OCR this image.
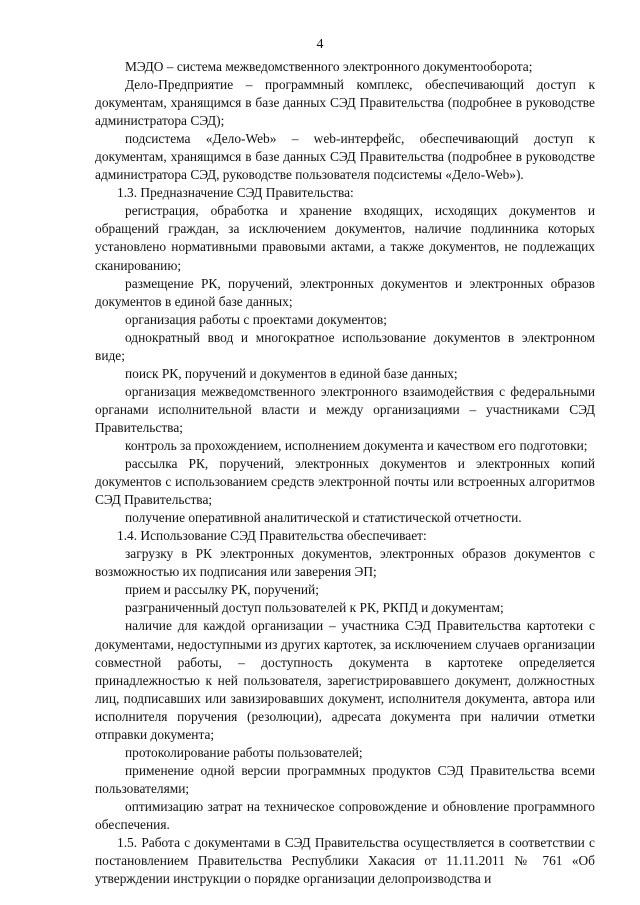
4

МЭДО – система межведомственного электронного документооборота;

Дело-Предприятие – программный комплекс, обеспечивающий доступ к документам, хранящимся в базе данных СЭД Правительства (подробнее в руководстве администратора СЭД);

подсистема «Дело-Web» – web-интерфейс, обеспечивающий доступ к документам, хранящимся в базе данных СЭД Правительства (подробнее в руководстве администратора СЭД, руководстве пользователя подсистемы «Дело-Web»).

1.3. Предназначение СЭД Правительства:

регистрация, обработка и хранение входящих, исходящих документов и обращений граждан, за исключением документов, наличие подлинника которых установлено нормативными правовыми актами, а также документов, не подлежащих сканированию;

размещение РК, поручений, электронных документов и электронных образов документов в единой базе данных;

организация работы с проектами документов;

однократный ввод и многократное использование документов в электронном виде;

поиск РК, поручений и документов в единой базе данных;

организация межведомственного электронного взаимодействия с федеральными органами исполнительной власти и между организациями – участниками СЭД Правительства;

контроль за прохождением, исполнением документа и качеством его подготовки;

рассылка РК, поручений, электронных документов и электронных копий документов с использованием средств электронной почты или встроенных алгоритмов СЭД Правительства;

получение оперативной аналитической и статистической отчетности.

1.4. Использование СЭД Правительства обеспечивает:

загрузку в РК электронных документов, электронных образов документов с возможностью их подписания или заверения ЭП;

прием и рассылку РК, поручений;

разграниченный доступ пользователей к РК, РКПД и документам;

наличие для каждой организации – участника СЭД Правительства картотеки с документами, недоступными из других картотек, за исключением случаев организации совместной работы, – доступность документа в картотеке определяется принадлежностью к ней пользователя, зарегистрировавшего документ, должностных лиц, подписавших или завизировавших документ, исполнителя документа, автора или исполнителя поручения (резолюции), адресата документа при наличии отметки отправки документа;

протоколирование работы пользователей;

применение одной версии программных продуктов СЭД Правительства всеми пользователями;

оптимизацию затрат на техническое сопровождение и обновление программного обеспечения.

1.5. Работа с документами в СЭД Правительства осуществляется в соответствии с постановлением Правительства Республики Хакасия от 11.11.2011 № 761 «Об утверждении инструкции о порядке организации делопроизводства и
